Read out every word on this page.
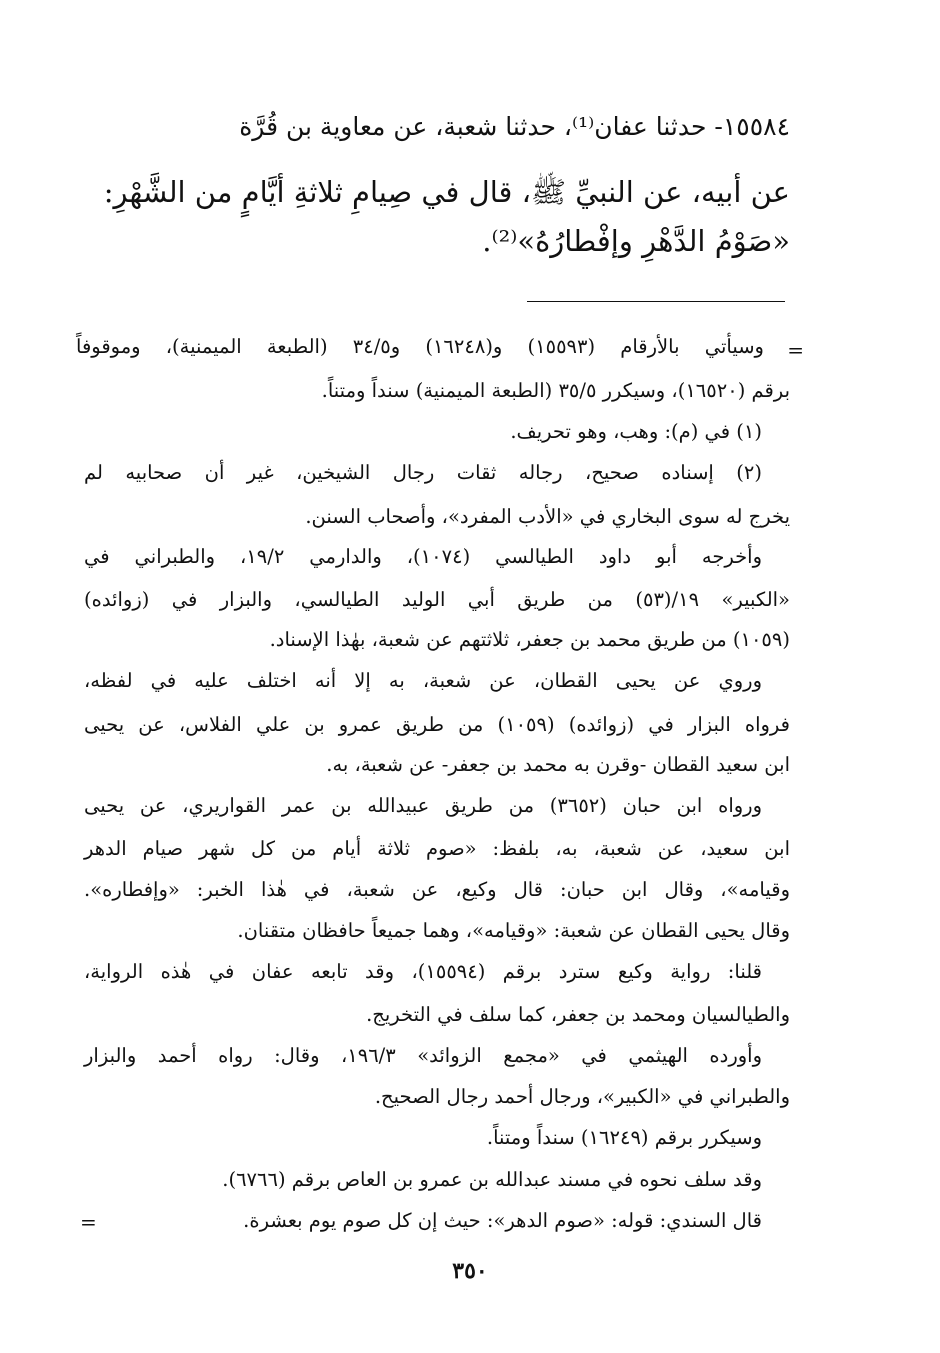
١٥٥٨٤- حدثنا عفان⁽¹⁾، حدثنا شعبة، عن معاوية بن قُرَّة
عن أبيه، عن النبيِّ ﷺ، قال في صِيامِ ثلاثةِ أيَّامٍ من الشَّهْرِ:
«صَوْمُ الدَّهْرِ وإفْطارُهُ»⁽²⁾.
=
وسيأتي بالأرقام (١٥٥٩٣) و(١٦٢٤٨) و٣٤/٥ (الطبعة الميمنية)، وموقوفاً
برقم (١٦٥٢٠)، وسيكرر ٣٥/٥ (الطبعة الميمنية) سنداً ومتناً.
(١) في (م): وهب، وهو تحريف.
(٢) إسناده صحيح، رجاله ثقات رجال الشيخين، غير أن صحابيه لم
يخرج له سوى البخاري في «الأدب المفرد»، وأصحاب السنن.
وأخرجه أبو داود الطيالسي (١٠٧٤)، والدارمي ١٩/٢، والطبراني في
«الكبير» ١٩/(٥٣) من طريق أبي الوليد الطيالسي، والبزار في (زوائده)
(١٠٥٩) من طريق محمد بن جعفر، ثلاثتهم عن شعبة، بهٰذا الإسناد.
وروي عن يحيى القطان، عن شعبة، به إلا أنه اختلف عليه في لفظه،
فرواه البزار في (زوائده) (١٠٥٩) من طريق عمرو بن علي الفلاس، عن يحيى
ابن سعيد القطان -وقرن به محمد بن جعفر- عن شعبة، به.
ورواه ابن حبان (٣٦٥٢) من طريق عبيدالله بن عمر القواريري، عن يحيى
ابن سعيد، عن شعبة، به، بلفظ: «صوم ثلاثة أيام من كل شهر صيام الدهر
وقيامه»، وقال ابن حبان: قال وكيع، عن شعبة، في هٰذا الخبر: «وإفطاره».
وقال يحيى القطان عن شعبة: «وقيامه»، وهما جميعاً حافظان متقنان.
قلنا: رواية وكيع سترد برقم (١٥٥٩٤)، وقد تابعه عفان في هٰذه الرواية،
والطيالسيان ومحمد بن جعفر، كما سلف في التخريج.
وأورده الهيثمي في «مجمع الزوائد» ١٩٦/٣، وقال: رواه أحمد والبزار
والطبراني في «الكبير»، ورجال أحمد رجال الصحيح.
وسيكرر برقم (١٦٢٤٩) سنداً ومتناً.
وقد سلف نحوه في مسند عبدالله بن عمرو بن العاص برقم (٦٧٦٦).
قال السندي: قوله: «صوم الدهر»: حيث إن كل صوم يوم بعشرة.
=
٣٥٠
